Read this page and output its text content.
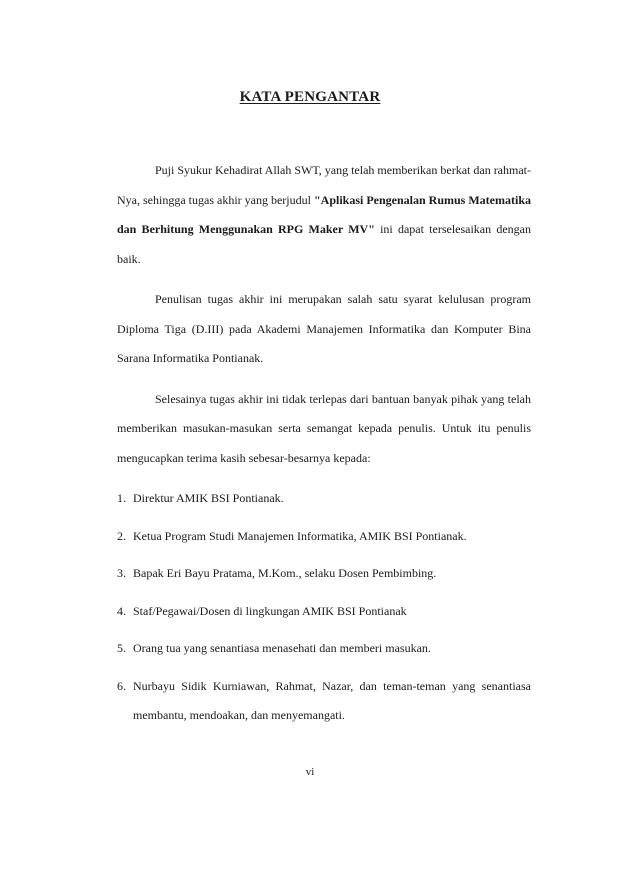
KATA PENGANTAR

Puji Syukur Kehadirat Allah SWT, yang telah memberikan berkat dan rahmat-Nya, sehingga tugas akhir yang berjudul "Aplikasi Pengenalan Rumus Matematika dan Berhitung Menggunakan RPG Maker MV" ini dapat terselesaikan dengan baik.

Penulisan tugas akhir ini merupakan salah satu syarat kelulusan program Diploma Tiga (D.III) pada Akademi Manajemen Informatika dan Komputer Bina Sarana Informatika Pontianak.

Selesainya tugas akhir ini tidak terlepas dari bantuan banyak pihak yang telah memberikan masukan-masukan serta semangat kepada penulis. Untuk itu penulis mengucapkan terima kasih sebesar-besarnya kepada:

1. Direktur AMIK BSI Pontianak.
2. Ketua Program Studi Manajemen Informatika, AMIK BSI Pontianak.
3. Bapak Eri Bayu Pratama, M.Kom., selaku Dosen Pembimbing.
4. Staf/Pegawai/Dosen di lingkungan AMIK BSI Pontianak
5. Orang tua yang senantiasa menasehati dan memberi masukan.
6. Nurbayu Sidik Kurniawan, Rahmat, Nazar, dan teman-teman yang senantiasa membantu, mendoakan, dan menyemangati.
vi
